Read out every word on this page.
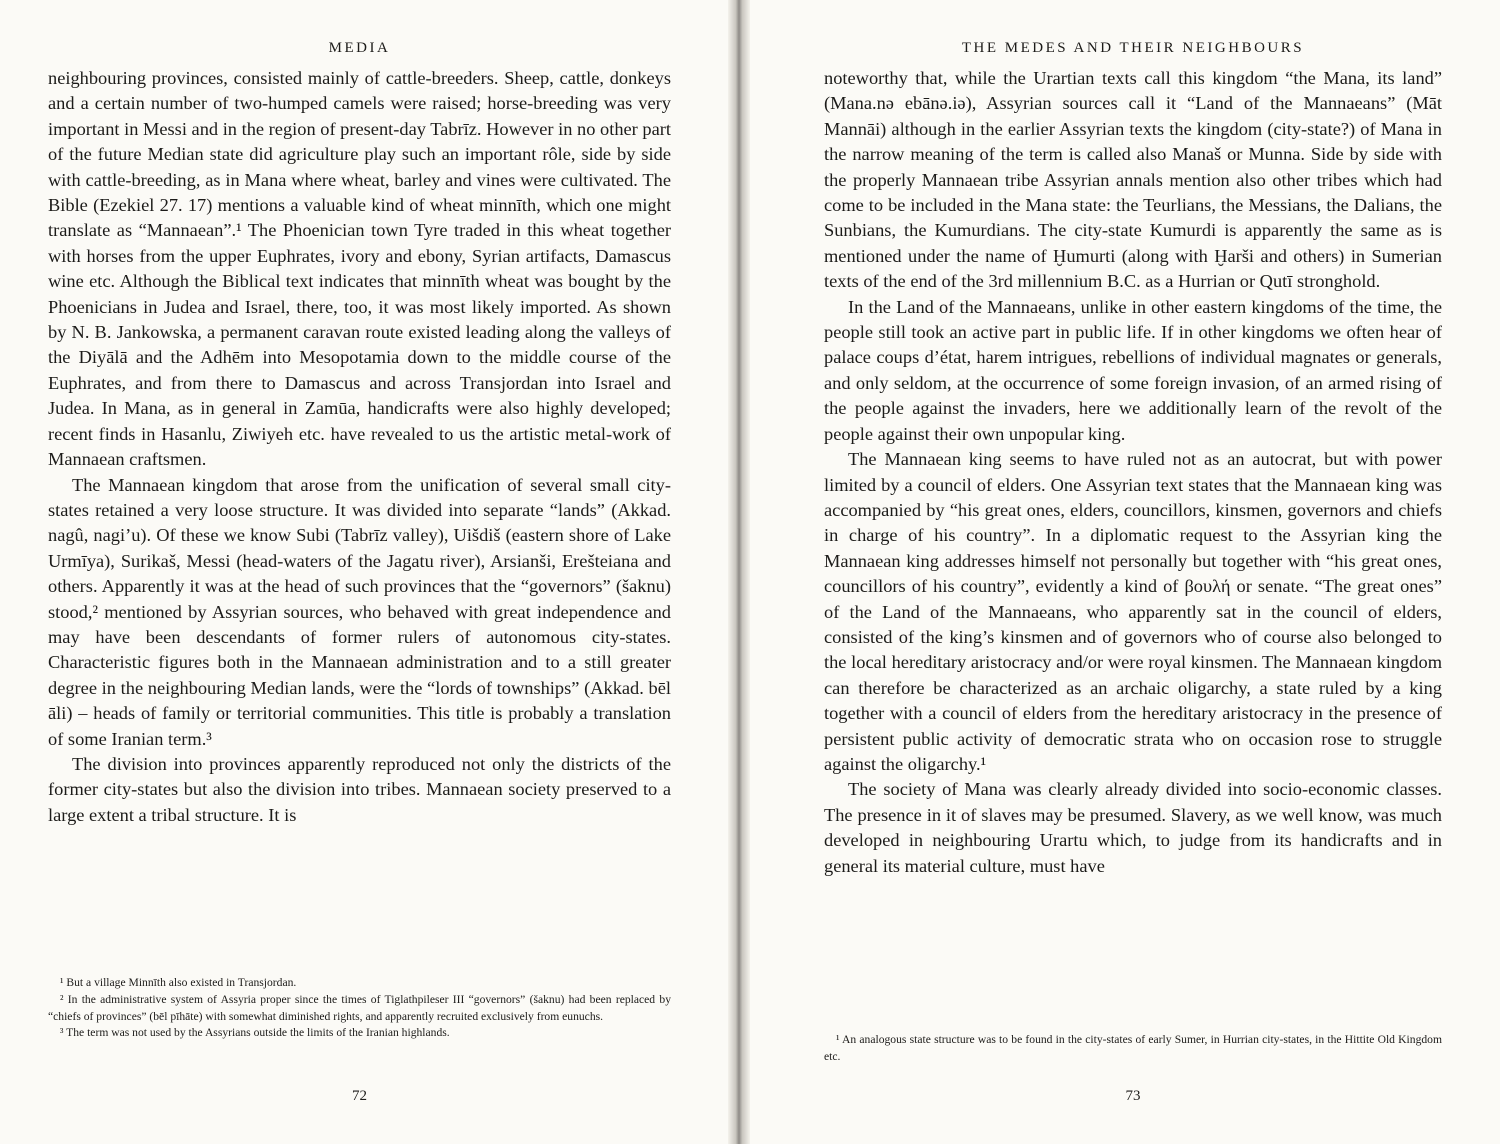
MEDIA

neighbouring provinces, consisted mainly of cattle-breeders. Sheep, cattle, donkeys and a certain number of two-humped camels were raised; horse-breeding was very important in Messi and in the region of present-day Tabrīz. However in no other part of the future Median state did agriculture play such an important rôle, side by side with cattle-breeding, as in Mana where wheat, barley and vines were cultivated. The Bible (Ezekiel 27. 17) mentions a valuable kind of wheat minnīth, which one might translate as “Mannaean”.¹ The Phoenician town Tyre traded in this wheat together with horses from the upper Euphrates, ivory and ebony, Syrian artifacts, Damascus wine etc. Although the Biblical text indicates that minnīth wheat was bought by the Phoenicians in Judea and Israel, there, too, it was most likely imported. As shown by N. B. Jankowska, a permanent caravan route existed leading along the valleys of the Diyālā and the Adhēm into Mesopotamia down to the middle course of the Euphrates, and from there to Damascus and across Transjordan into Israel and Judea. In Mana, as in general in Zamūa, handicrafts were also highly developed; recent finds in Hasanlu, Ziwiyeh etc. have revealed to us the artistic metal-work of Mannaean craftsmen.

The Mannaean kingdom that arose from the unification of several small city-states retained a very loose structure. It was divided into separate “lands” (Akkad. nagû, nagi’u). Of these we know Subi (Tabrīz valley), Uišdiš (eastern shore of Lake Urmīya), Surikaš, Messi (head-waters of the Jagatu river), Arsianši, Erešteiana and others. Apparently it was at the head of such provinces that the “governors” (šaknu) stood,² mentioned by Assyrian sources, who behaved with great independence and may have been descendants of former rulers of autonomous city-states. Characteristic figures both in the Mannaean administration and to a still greater degree in the neighbouring Median lands, were the “lords of townships” (Akkad. bēl āli) – heads of family or territorial communities. This title is probably a translation of some Iranian term.³

The division into provinces apparently reproduced not only the districts of the former city-states but also the division into tribes. Mannaean society preserved to a large extent a tribal structure. It is

¹ But a village Minnīth also existed in Transjordan.

² In the administrative system of Assyria proper since the times of Tiglathpileser III “governors” (šaknu) had been replaced by “chiefs of provinces” (bēl pīhāte) with somewhat diminished rights, and apparently recruited exclusively from eunuchs.

³ The term was not used by the Assyrians outside the limits of the Iranian highlands.

72
THE MEDES AND THEIR NEIGHBOURS

noteworthy that, while the Urartian texts call this kingdom “the Mana, its land” (Mana.nə ebānə.iə), Assyrian sources call it “Land of the Mannaeans” (Māt Mannāi) although in the earlier Assyrian texts the kingdom (city-state?) of Mana in the narrow meaning of the term is called also Manaš or Munna. Side by side with the properly Mannaean tribe Assyrian annals mention also other tribes which had come to be included in the Mana state: the Teurlians, the Messians, the Dalians, the Sunbians, the Kumurdians. The city-state Kumurdi is apparently the same as is mentioned under the name of Ḫumurti (along with Ḫarši and others) in Sumerian texts of the end of the 3rd millennium B.C. as a Hurrian or Qutī stronghold.

In the Land of the Mannaeans, unlike in other eastern kingdoms of the time, the people still took an active part in public life. If in other kingdoms we often hear of palace coups d’état, harem intrigues, rebellions of individual magnates or generals, and only seldom, at the occurrence of some foreign invasion, of an armed rising of the people against the invaders, here we additionally learn of the revolt of the people against their own unpopular king.

The Mannaean king seems to have ruled not as an autocrat, but with power limited by a council of elders. One Assyrian text states that the Mannaean king was accompanied by “his great ones, elders, councillors, kinsmen, governors and chiefs in charge of his country”. In a diplomatic request to the Assyrian king the Mannaean king addresses himself not personally but together with “his great ones, councillors of his country”, evidently a kind of βουλή or senate. “The great ones” of the Land of the Mannaeans, who apparently sat in the council of elders, consisted of the king’s kinsmen and of governors who of course also belonged to the local hereditary aristocracy and/or were royal kinsmen. The Mannaean kingdom can therefore be characterized as an archaic oligarchy, a state ruled by a king together with a council of elders from the hereditary aristocracy in the presence of persistent public activity of democratic strata who on occasion rose to struggle against the oligarchy.¹

The society of Mana was clearly already divided into socio-economic classes. The presence in it of slaves may be presumed. Slavery, as we well know, was much developed in neighbouring Urartu which, to judge from its handicrafts and in general its material culture, must have

¹ An analogous state structure was to be found in the city-states of early Sumer, in Hurrian city-states, in the Hittite Old Kingdom etc.

73
